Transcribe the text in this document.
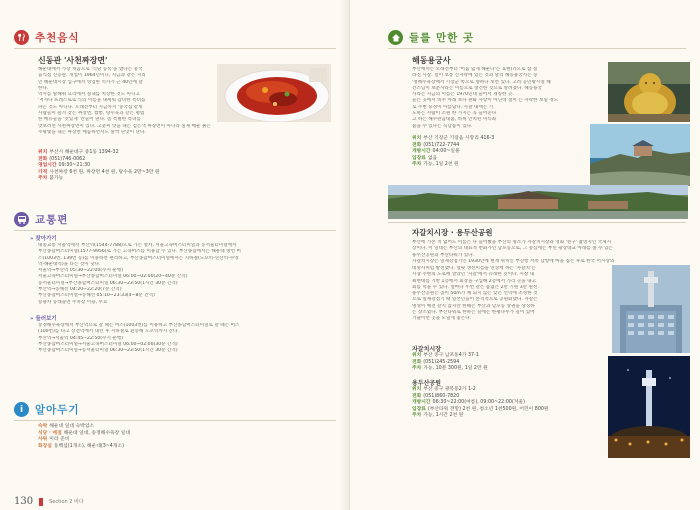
추천음식
신동관 '사천짜장면'
해운대에서 가장 처음으로 '식당 등록'을 했다는 중국
음식점 신동관. 개업이 1964년이니, 지금과 같은 지리
인 해운대시장 입구에서 영업한 역사가 근 40년에 달
한다.
역사를 말해줘 요리에서 실내를 치장한 것도 아니고
'저자나 프레스토로'식의 이름을 내세워 갑녀한 특녀를
파는 것도 아니다. 오래전부터 지금까지 '중국집'같게
사람들이 즐겨 찾는 짜장면, 짬뽕, 탕수육과 같은 평범
한 메뉴들을 '맛있게' 만들어 낸다. 좀 특별한 특녀를
맛보려면 사천짜장면이 있다. 고춧씨 맛을 내는 검은색 짜장면이 아니라 실제 매운 붉은
주황빛을 내는 짜장면 매콤하면서도 살짝 단맛이 난다.
위치 부산시 해운대구 중1동 1394-32
전화 (051)746-0062
영업시간 09:30~21:30
가격 사천짜장 6천 원, 짜장면 4천 원, 탕수육 2만~3만 원
주차 불가능
교통편
» 찾아가기
대중교통 서울역에서 부산역(1544-7788)으로 가는 열차, 서울고속버스터미널과 동서울터미널에서
부산종합버스터미널(1577-9956)로 가는 고속버스를 이용할 수 있다. 부산종합에서는 해운대 방면 버
스(1003번, 139번 등)를 이용하면 편리하고, 부산종합버스터미널에서는 지하철(노포역-연산역-수영
역-해운대역)을 타는 것이 낫다.
서울역→부산역 05:30~22:00(수시 운행)
서울고속버스터미널→부산종합버스터미널 06:00~02:00(20~40분 간격)
동서울터미널→부산종합버스터미널 06:30~23:50(1시간 30분 간격)
부산역→동해선 04:20~22:20(7분 간격)
부산종합버스터미널→동해선 05:10~23:33(4~8분 간격)
승용차 동래졸면 주차장 이용, 무료
» 둘러보기
송정해수욕장에서 부산역으로 갈 때는 버스(1003번)를 이용하고 부산종합버스터미널로 갈 때는 버스
(100번)를 타고 장전역에서 내린 후 지하철로 환승해 노포역까지 간다.
부산역→서울역 04:45~22:50(수시 운행)
부산종합버스터미널→서울고속버스터미널 06:00~02:00(30분 간격)
부산종합버스터미널→동서울터미널 06:30~23:50(1시간 30분 간격)
i	알아두기
숙박 해운대 일대 숙박업소
식당 · 매점 해운대 일대, 송정해수욕장 일대
샤워 미라 준비
화장실 동백섬(1개소), 해운대(3~4개소)
130	Section 2 바다
들를 만한 곳
해동용궁사
부산에서는 오래전부터 '어둠 넓게 해운다'는 표현(?)으로 참 절
라진 사찰. 절이 보통 산자락에 있는 것과 달리 해동용궁사는 송
'정해수욕장에서 기장군 쪽으로 향하다 보면 있다. 고려 공민왕시절 해
건스님이 보문사라는 이름으로 창건한 것으로 알려졌다. 해동용궁
사라는 지금의 이름은 1970년대 들어서 개칭한 곳.
들은 곳에서 비주 아래 보다 판화 사랑이 아닌데 절이 든 자락한 보일 정도
로 주변 풍경이 아름답다. 사찰 내에는 기
도하는 사람이 소원 한 가지는 꼭 들어준다
고 하는 해수관음대불, 바위 안치된 미륵좌
불을 수 있다는 득남불이 있다.
위치 부산 기장군 기장읍 시랑리 416-3
전화 (051)722-7744
개방시간 04:00~일몰
입장료 없음
주차 가능, 1일 2천 원
자갈치시장 · 용두산공원
부산에 가본 적 없어도 이름은 다 들어봤을 부산의 명소가 자갈치시장과 영화 '친구' 촬영지인 국제시
장이다. 이 일대는 부산의 대표적 번화가인 남포동으로, 그 중심에는 부민 광장대교 아래를 볼 수 있는
용두산공원과 부산타워가 있다.
자갈치시장은 일제강점기인 1930년에 현재 위치인 부산항 서쪽 남항에 마을 집은 후로 한국 어시장의
대명사처럼 발전했다. 얼핏 생선이름을 연상케 하는 '자갈치'는
시장 주변의 도로에 깔았던 '자갈'에서 유래한 것이다. 시장 내
최현대를 기반 1층에서 회장을 구입해 2층에서 가리 곳을 내고
회를 먹을 수 있다. 얼마나 두번 같은 품없은 2만 기원 3만 원선.
용두산공원은 높이 50m가 채 되지 않는 낮은 언덕에 조성한 것
으로 일제강점기 때 일본인들이 본격적으로 공원화했다. 자갈은
명성이 예전 같지 않지만 한때는 부산과 남포동 상권을 상징하
는 장소였다. 부산타워로 한하는 길에는 한평나무가 길이 있어
거슬이면 곳을 노닐게 좋은다.
자갈치시장
위치 부산 중구 남포동4가 37-1
전화 (051)245-2594
주차 가능, 10분 300원, 1일 2만 원
용두산공원
위치 부산 중구 광복동2가 1-2
전화 (051)860-7820
개방시간 06:30~22:00(여름), 09:00~22:00(겨울)
입장료 (부산타워 전망) 2천 원, 청소년 1천500원, 어린이 800원
주차 가능, 1시간 2천 원
